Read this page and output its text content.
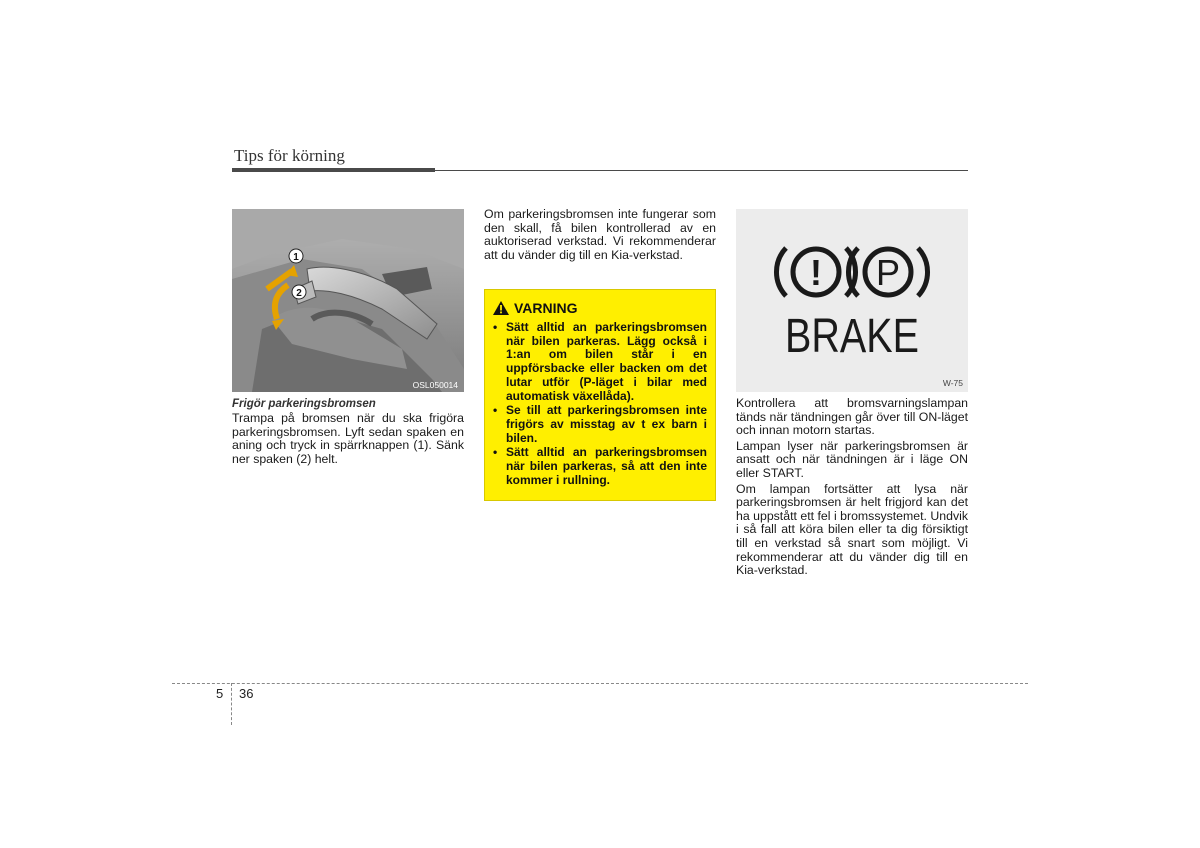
Tips för körning
1
2
OSL050014
Frigör parkeringsbromsen

Trampa på bromsen när du ska frigöra parkeringsbromsen. Lyft sedan spaken en aning och tryck in spärrknappen (1). Sänk ner spaken (2) helt.

Om parkeringsbromsen inte fungerar som den skall, få bilen kontrollerad av en auktoriserad verkstad. Vi rekommenderar att du vänder dig till en Kia-verkstad.

VARNING
• Sätt alltid an parkeringsbromsen när bilen parkeras. Lägg också i 1:an om bilen står i en uppförsbacke eller backen om det lutar utför (P-läget i bilar med automatisk växellåda).
• Se till att parkeringsbromsen inte frigörs av misstag av t ex barn i bilen.
• Sätt alltid an parkeringsbromsen när bilen parkeras, så att den inte kommer i rullning.
! P
BRAKE
W-75

Kontrollera att bromsvarningslampan tänds när tändningen går över till ON-läget och innan motorn startas.

Lampan lyser när parkeringsbromsen är ansatt och när tändningen är i läge ON eller START.

Om lampan fortsätter att lysa när parkeringsbromsen är helt frigjord kan det ha uppstått ett fel i bromssystemet. Undvik i så fall att köra bilen eller ta dig försiktigt till en verkstad så snart som möjligt. Vi rekommenderar att du vänder dig till en Kia-verkstad.

5 36
